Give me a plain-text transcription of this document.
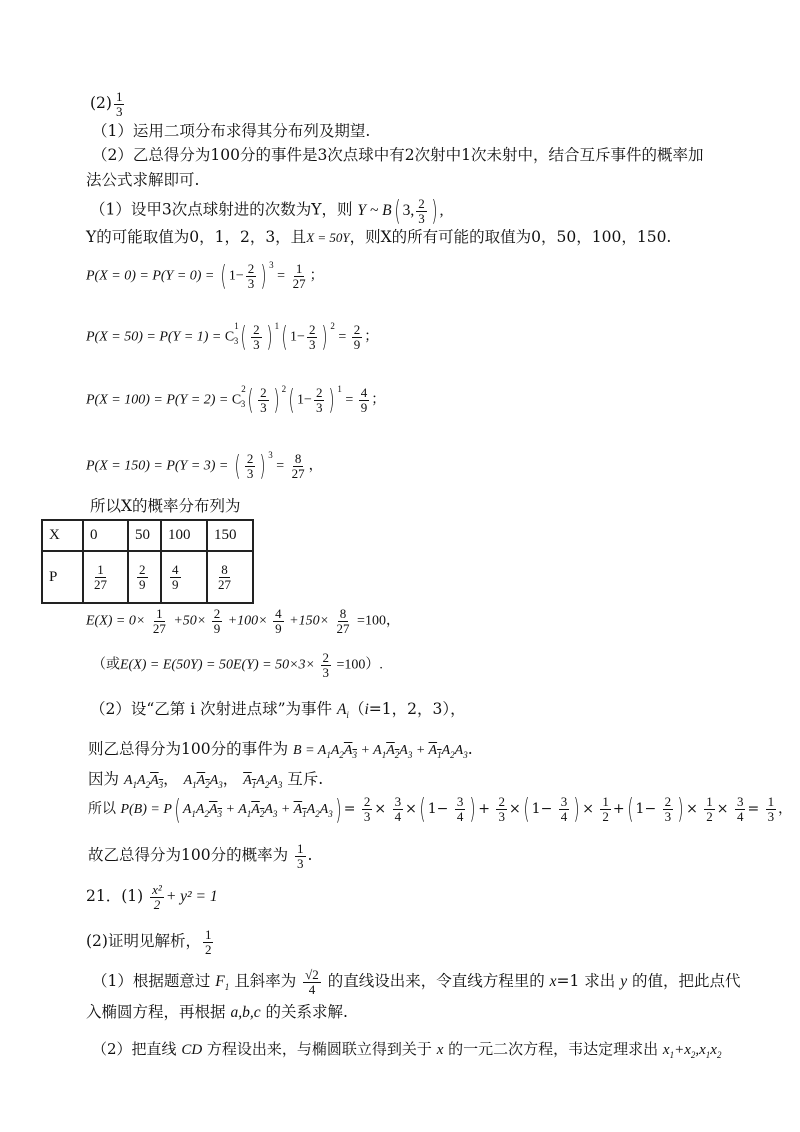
$(2) \frac{1}{3}$
（1）运用二项分布求得其分布列及期望.
（2）乙总得分为100分的事件是3次点球中有2次射中1次未射中，结合互斥事件的概率加
法公式求解即可.
（1）设甲3次点球射进的次数为Y，则 Y ~ B( 3, $\frac{2}{3}$ ) ,
Y的可能取值为0，1，2，3，且X = 50Y，则X的所有可能的取值为0，50，100，150.
P(X = 0) = P(Y = 0) = ( $1- \frac{2}{3}$ ) $^3 = \frac{1}{27}$ ；
$P(X = 50) = P(Y = 1) = C^1_3( \frac{2}{3}$ ) $^1$( $1- \frac{2}{3}$ ) $^2 = \frac{2}{9}$ ；
$P(X = 100) = P(Y = 2) = C^2_3( \frac{2}{3}$ ) $^2$( $1- \frac{2}{3}$ ) $^1 = \frac{4}{9}$ ；
P(X = 150) = P(Y = 3) = ( $\frac{2}{3}$ ) $^3 = \frac{8}{27}$ ，
所以X的概率分布列为
X	0	50	100	150
P	$\frac{1}{27}$	$\frac{2}{9}$	$\frac{4}{9}$	$\frac{8}{27}$
$E(X) = 0\times \frac{1}{27} +50\times \frac{2}{9} +100\times \frac{4}{9} +150\times \frac{8}{27} =100$，
（或$E(X) = E(50Y) = 50E(Y) = 50\times 3\times \frac{2}{3} =100$）.
（2）设“乙第 i 次射进点球”为事件 $A_i(i=1$，2，3），
则乙总得分为100分的事件为 $B = A_1A_2A_3 + A_1A_2A_3 + A_1A_2A_3$.
因为 $A_1A_2A_3$， $A_1A_2A_3$， $A_1A_2A_3$ 互斥.
所以 P(B) = P( $A_1A_2A_3 + A_1A_2A_3 + A_1A_2A_3) = \frac{2}{3} \times \frac{3}{4}$ ×( $1- \frac{3}{4}$ ) + $\frac{2}{3}$ ×( $1- \frac{3}{4}$ ) × $\frac{1}{2}$ +( $1- \frac{2}{3}$ ) × $\frac{1}{2} \times \frac{3}{4} = \frac{1}{3}$ ，
故乙总得分为100分的概率为 $\frac{1}{3}$ .
21．$(1) \frac{\text{x²}}{2} + y^2 = 1$
(2)证明见解析， $\frac{1}{2}$
（1）根据题意过 $F_1$ 且斜率为 $\frac{√2}{4}$ 的直线设出来，令直线方程里的 x=1 求出 y 的值，把此点代
入椭圆方程，再根据 a,b,c 的关系求解.
（2）把直线 CD 方程设出来，与椭圆联立得到关于 x 的一元二次方程，韦达定理求出 $x_1+x_2,x_1x_2$
